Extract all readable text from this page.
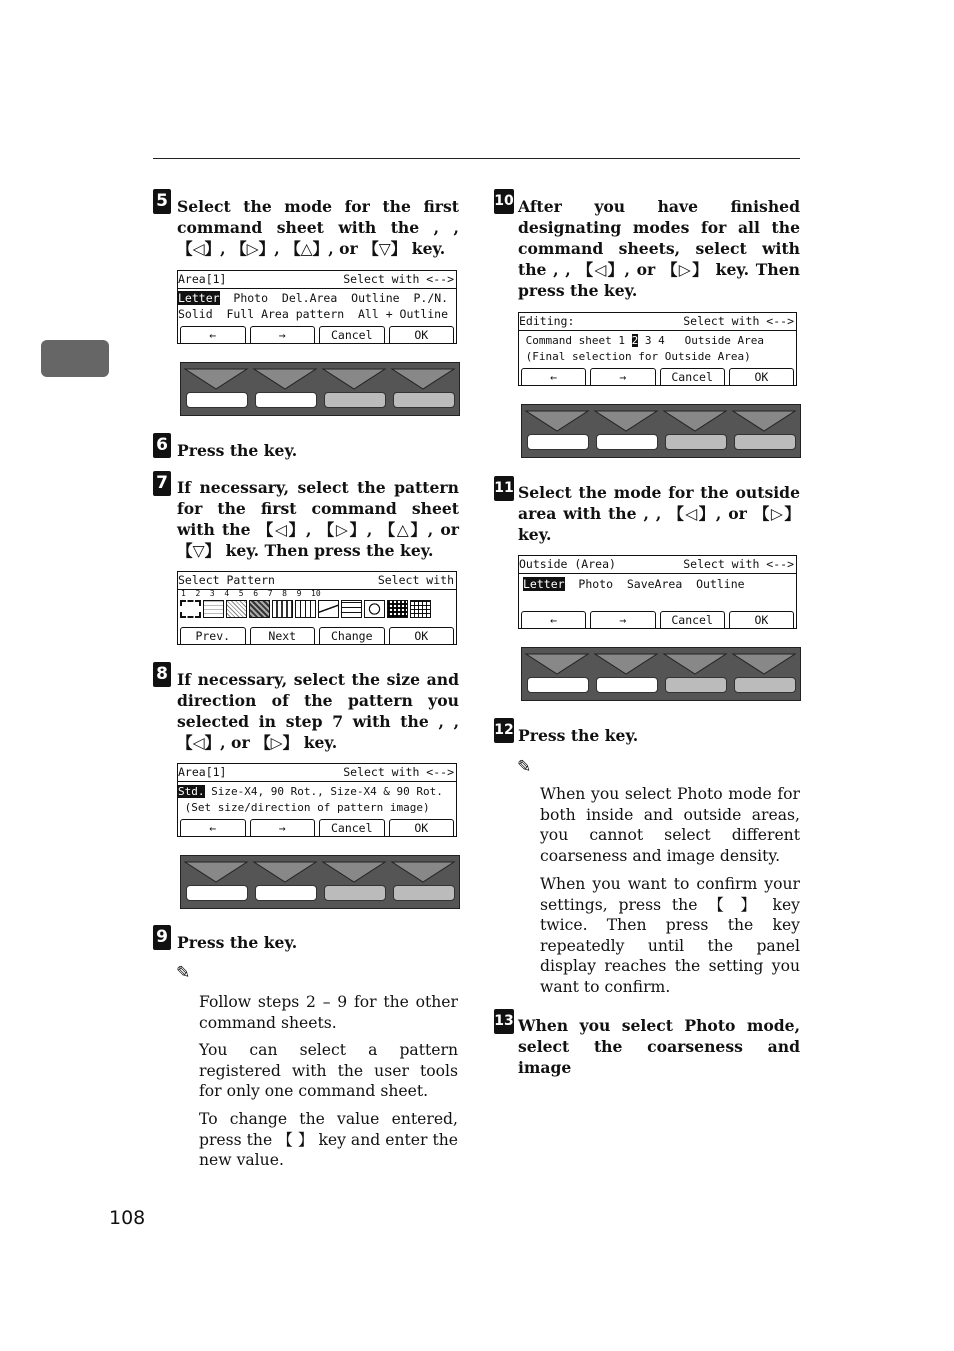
5 Select the mode for the first command sheet with the , , 【◁】, 【▷】, 【△】, or 【▽】 key.
Area[1]	Select with <-->
Letter Photo Del.Area Outline P./N.
Solid  Full Area pattern  All + Outline
←	→	Cancel	OK
6 Press the key.
7 If necessary, select the pattern for the first command sheet with the 【◁】, 【▷】, 【△】, or 【▽】 key. Then press the key.
Select Pattern	Select with
1  2  3  4  5  6  7  8  9  10
Prev.	Next	Change	OK
8 If necessary, select the size and direction of the pattern you selected in step 7 with the , , 【◁】, or 【▷】 key.
Area[1]	Select with <-->
Std. Size-X4, 90 Rot., Size-X4 & 90 Rot.
(Set size/direction of pattern image)
←	→	Cancel	OK
9 Press the key.
✎
Follow steps 2 – 9 for the other command sheets.
You can select a pattern registered with the user tools for only one command sheet.
To change the value entered, press the 【 】 key and enter the new value.
10 After you have finished designating modes for all the command sheets, select with the , , 【◁】, or 【▷】 key. Then press the key.
Editing:	Select with <-->
Command sheet 1 2 3 4   Outside Area
(Final selection for Outside Area)
←	→	Cancel	OK
11 Select the mode for the outside area with the , , 【◁】, or 【▷】 key.
Outside (Area)	Select with <-->
Letter  Photo  SaveArea  Outline
←	→	Cancel	OK
12 Press the key.
✎
When you select Photo mode for both inside and outside areas, you cannot select different coarseness and image density.
When you want to confirm your settings, press the 【 】 key twice. Then press the key repeatedly until the panel display reaches the setting you want to confirm.
13 When you select Photo mode, select the coarseness and image
108
